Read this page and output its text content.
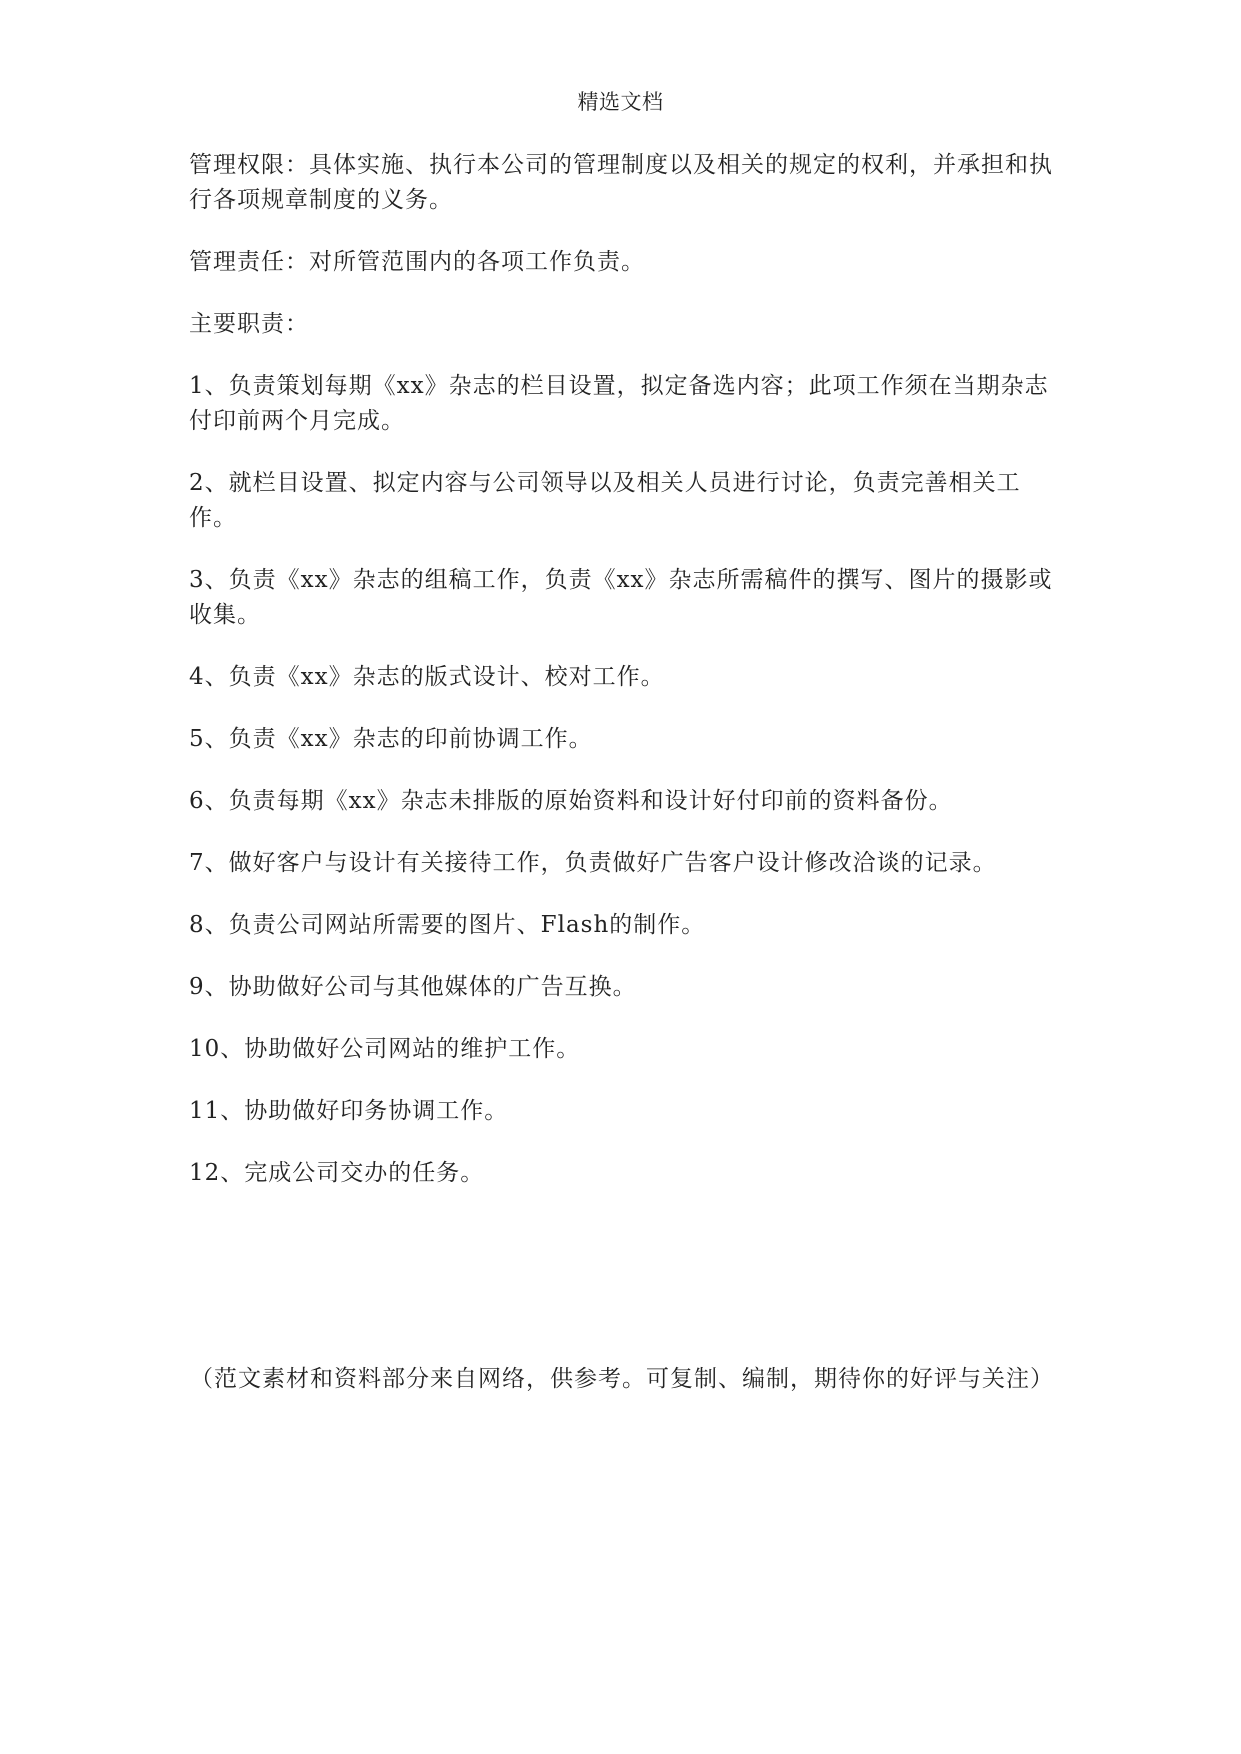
精选文档

管理权限：具体实施、执行本公司的管理制度以及相关的规定的权利，并承担和执行各项规章制度的义务。

管理责任：对所管范围内的各项工作负责。

主要职责：

1、负责策划每期《xx》杂志的栏目设置，拟定备选内容；此项工作须在当期杂志付印前两个月完成。

2、就栏目设置、拟定内容与公司领导以及相关人员进行讨论，负责完善相关工作。

3、负责《xx》杂志的组稿工作，负责《xx》杂志所需稿件的撰写、图片的摄影或收集。

4、负责《xx》杂志的版式设计、校对工作。

5、负责《xx》杂志的印前协调工作。

6、负责每期《xx》杂志未排版的原始资料和设计好付印前的资料备份。

7、做好客户与设计有关接待工作，负责做好广告客户设计修改洽谈的记录。

8、负责公司网站所需要的图片、Flash的制作。

9、协助做好公司与其他媒体的广告互换。

10、协助做好公司网站的维护工作。

11、协助做好印务协调工作。

12、完成公司交办的任务。

（范文素材和资料部分来自网络，供参考。可复制、编制，期待你的好评与关注）
